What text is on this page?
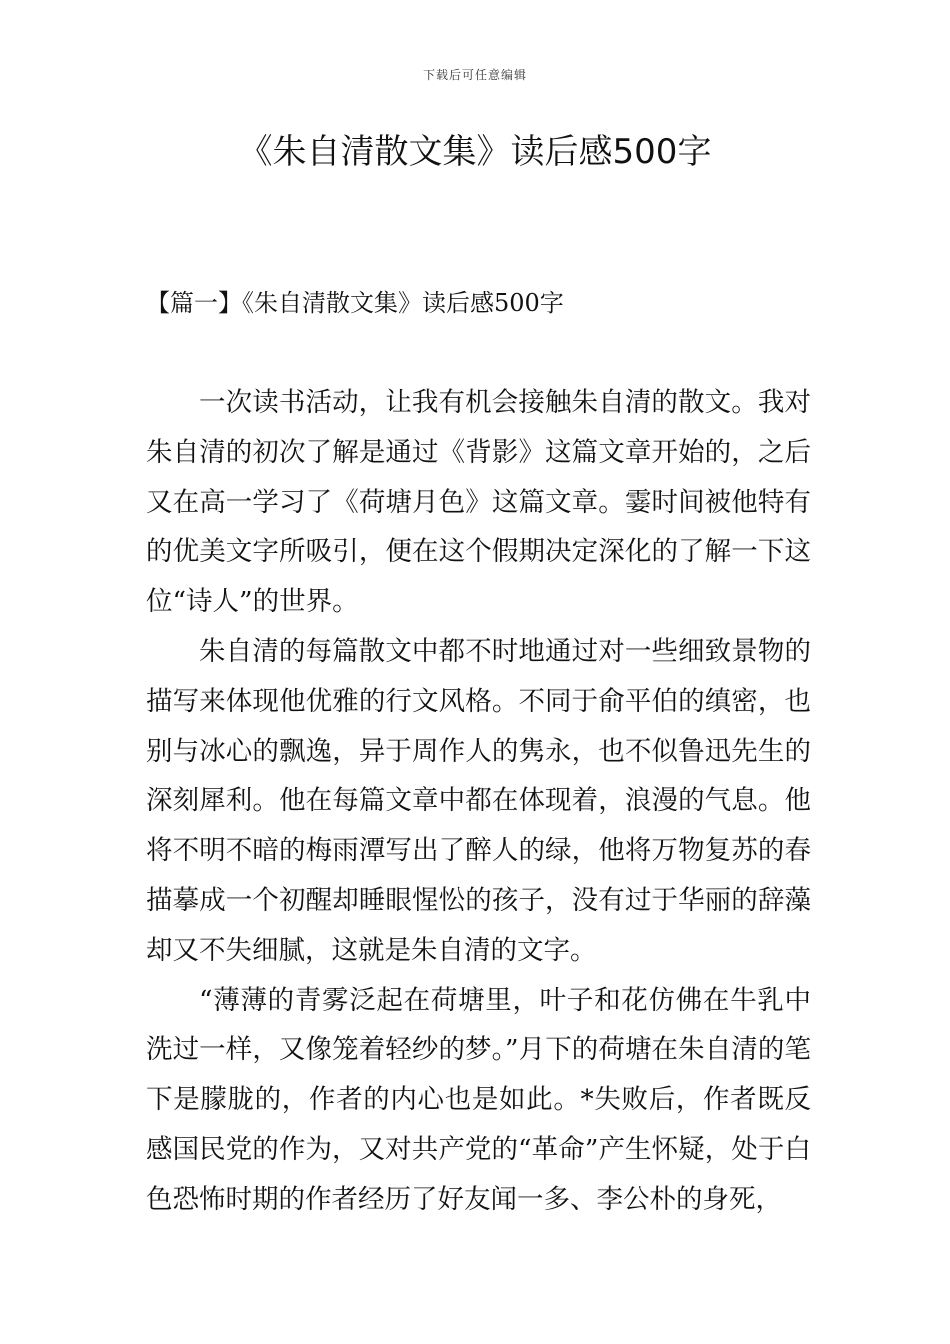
下载后可任意编辑
《朱自清散文集》读后感500字
【篇一】《朱自清散文集》读后感500字

一次读书活动，让我有机会接触朱自清的散文。我对朱自清的初次了解是通过《背影》这篇文章开始的，之后又在高一学习了《荷塘月色》这篇文章。霎时间被他特有的优美文字所吸引，便在这个假期决定深化的了解一下这位“诗人”的世界。

朱自清的每篇散文中都不时地通过对一些细致景物的描写来体现他优雅的行文风格。不同于俞平伯的缜密，也别与冰心的飘逸，异于周作人的隽永，也不似鲁迅先生的深刻犀利。他在每篇文章中都在体现着，浪漫的气息。他将不明不暗的梅雨潭写出了醉人的绿，他将万物复苏的春描摹成一个初醒却睡眼惺忪的孩子，没有过于华丽的辞藻却又不失细腻，这就是朱自清的文字。

“薄薄的青雾泛起在荷塘里，叶子和花仿佛在牛乳中洗过一样，又像笼着轻纱的梦。”月下的荷塘在朱自清的笔下是朦胧的，作者的内心也是如此。*失败后，作者既反感国民党的作为，又对共产党的“革命”产生怀疑，处于白色恐怖时期的作者经历了好友闻一多、李公朴的身死，
